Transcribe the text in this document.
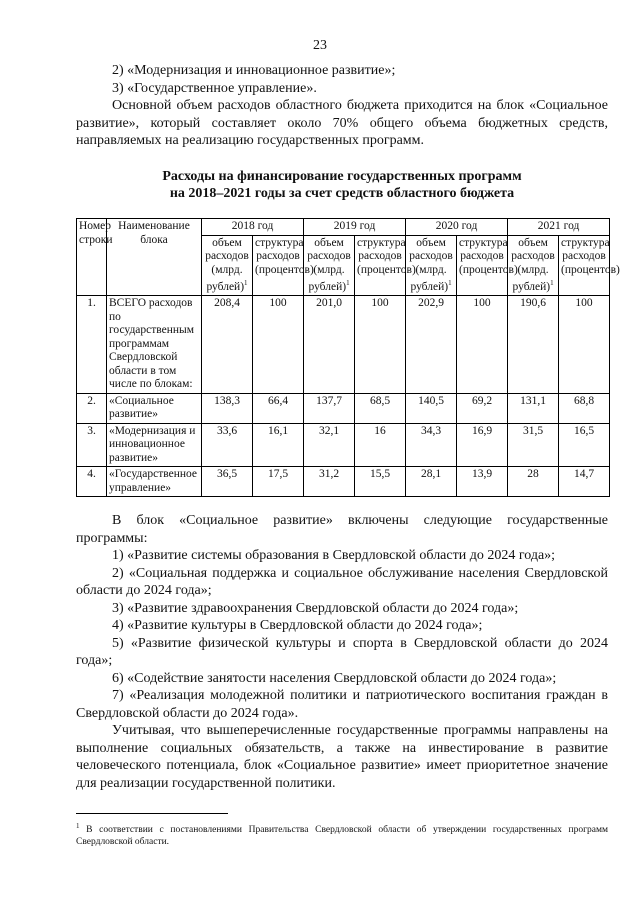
23

2) «Модернизация и инновационное развитие»;

3) «Государственное управление».

Основной объем расходов областного бюджета приходится на блок «Социальное развитие», который составляет около 70% общего объема бюджетных средств, направляемых на реализацию государственных программ.

Расходы на финансирование государственных программ
на 2018–2021 годы за счет средств областного бюджета
Номер строки	Наименование блока	2018 год		2019 год		2020 год		2021 год	
		объем расходов (млрд. рублей)$^1$	структура расходов (процентов)	объем расходов (млрд. рублей)$^1$	структура расходов (процентов)	объем расходов (млрд. рублей)$^1$	структура расходов (процентов)	объем расходов (млрд. рублей)$^1$	структура расходов (процентов)
1.	ВСЕГО расходов по государственным программам Свердловской области в том числе по блокам:	208,4	100	201,0	100	202,9	100	190,6	100
2.	«Социальное развитие»	138,3	66,4	137,7	68,5	140,5	69,2	131,1	68,8
3.	«Модернизация и инновационное развитие»	33,6	16,1	32,1	16	34,3	16,9	31,5	16,5
4.	«Государственное управление»	36,5	17,5	31,2	15,5	28,1	13,9	28	14,7

В блок «Социальное развитие» включены следующие государственные программы:

1) «Развитие системы образования в Свердловской области до 2024 года»;

2) «Социальная поддержка и социальное обслуживание населения Свердловской области до 2024 года»;

3) «Развитие здравоохранения Свердловской области до 2024 года»;

4) «Развитие культуры в Свердловской области до 2024 года»;

5) «Развитие физической культуры и спорта в Свердловской области до 2024 года»;

6) «Содействие занятости населения Свердловской области до 2024 года»;

7) «Реализация молодежной политики и патриотического воспитания граждан в Свердловской области до 2024 года».

Учитывая, что вышеперечисленные государственные программы направлены на выполнение социальных обязательств, а также на инвестирование в развитие человеческого потенциала, блок «Социальное развитие» имеет приоритетное значение для реализации государственной политики.

$^1$ В соответствии с постановлениями Правительства Свердловской области об утверждении государственных программ Свердловской области.
